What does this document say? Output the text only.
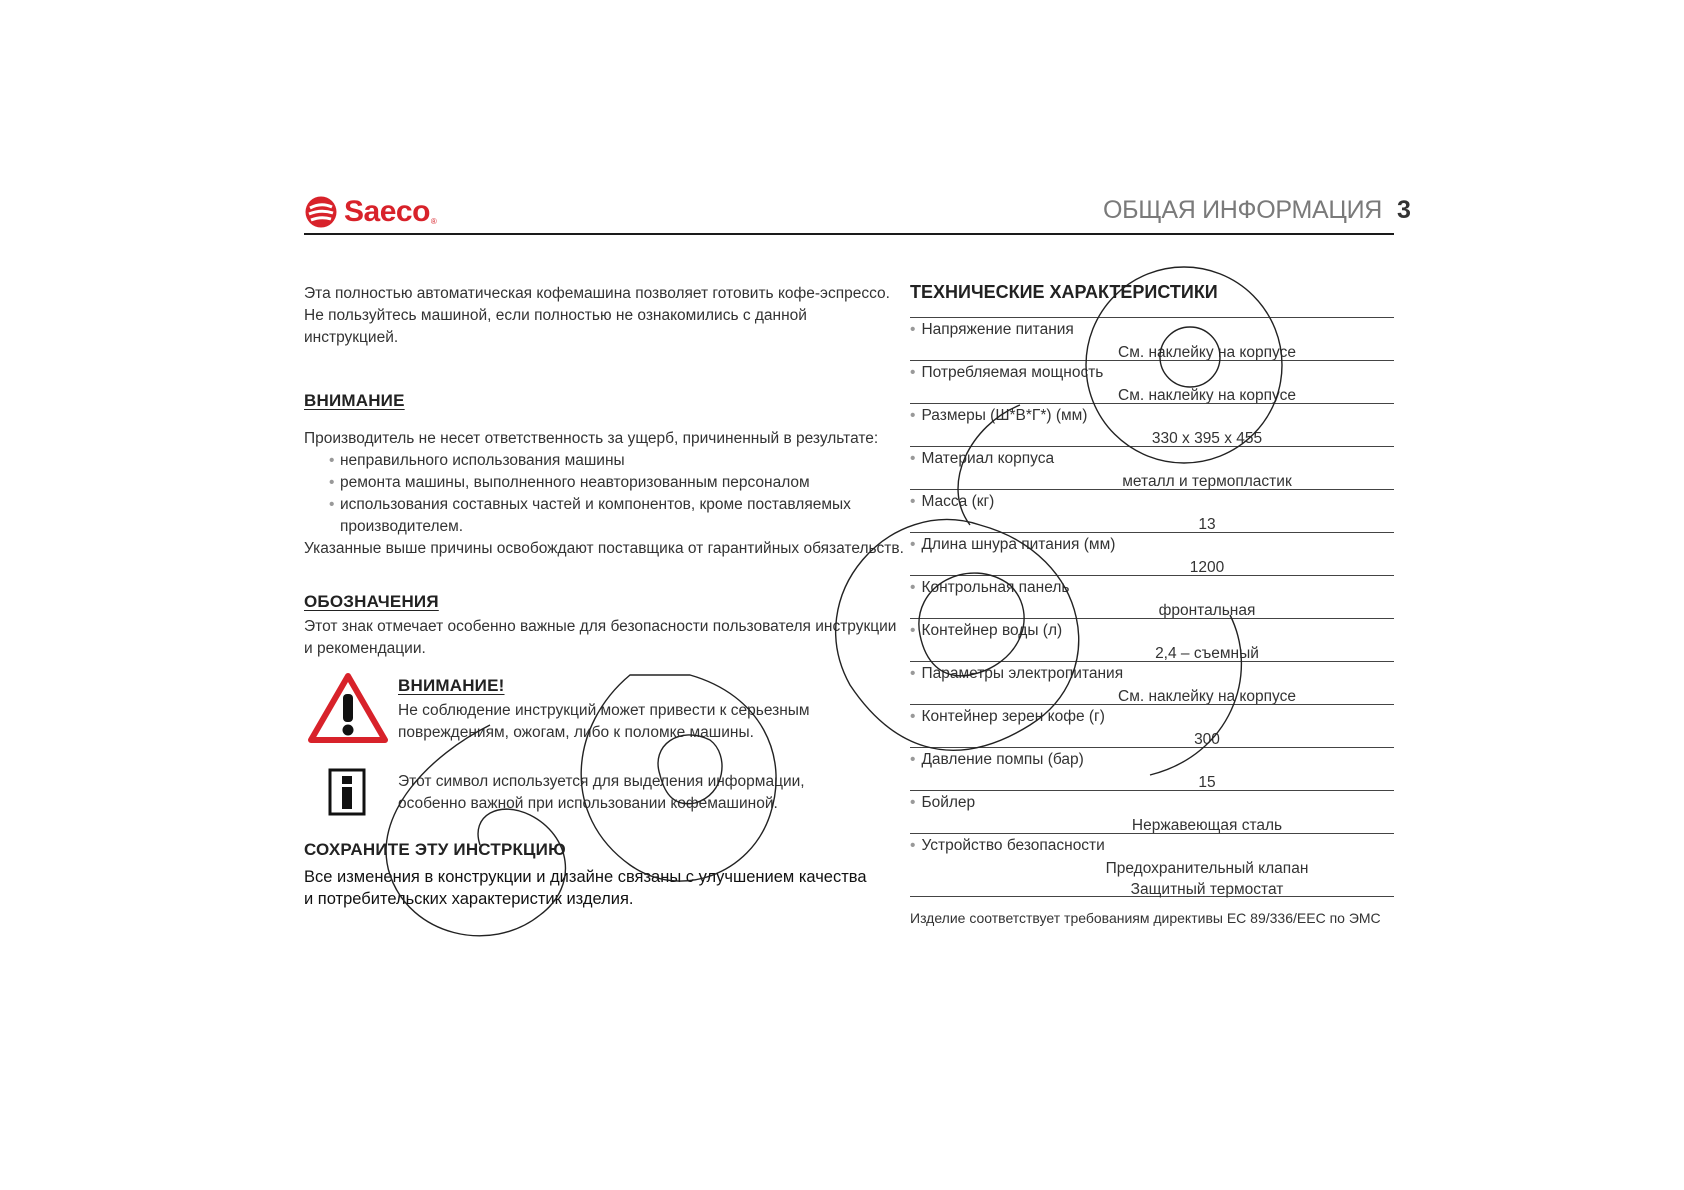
Saeco ®	ОБЩАЯ ИНФОРМАЦИЯ 3
Эта полностью автоматическая кофемашина позволяет готовить кофе-эспрессо.
Не пользуйтесь машиной, если полностью не ознакомились с данной
инструкцией.
ВНИМАНИЕ
Производитель не несет ответственность за ущерб, причиненный в результате:
• неправильного использования машины
• ремонта машины, выполненного неавторизованным персоналом
• использования составных частей и компонентов, кроме поставляемых
производителем.
Указанные выше причины освобождают поставщика от гарантийных обязательств.
ОБОЗНАЧЕНИЯ
Этот знак отмечает особенно важные для безопасности пользователя инструкции
и рекомендации.
ВНИМАНИЕ!
Не соблюдение инструкций может привести к серьезным
повреждениям, ожогам, либо к поломке машины.
Этот символ используется для выделения информации,
особенно важной при использовании кофемашиной.
СОХРАНИТЕ ЭТУ ИНСТРКЦИЮ
Все изменения в конструкции и дизайне связаны с улучшением качества
и потребительских характеристик изделия.
ТЕХНИЧЕСКИЕ ХАРАКТЕРИСТИКИ
• Напряжение питания
См. наклейку на корпусе
• Потребляемая мощность
См. наклейку на корпусе
• Размеры (Ш*В*Г*) (мм)
330 x 395 x 455
• Материал корпуса
металл и термопластик
• Масса (кг)
13
• Длина шнура питания (мм)
1200
• Контрольная панель
фронтальная
• Контейнер воды (л)
2,4 – съемный
• Параметры электропитания
См. наклейку на корпусе
• Контейнер зерен кофе (г)
300
• Давление помпы (бар)
15
• Бойлер
Нержавеющая сталь
• Устройство безопасности
Предохранительный клапан
Защитный термостат
Изделие соответствует требованиям директивы ЕС 89/336/ЕЕС по ЭМС
